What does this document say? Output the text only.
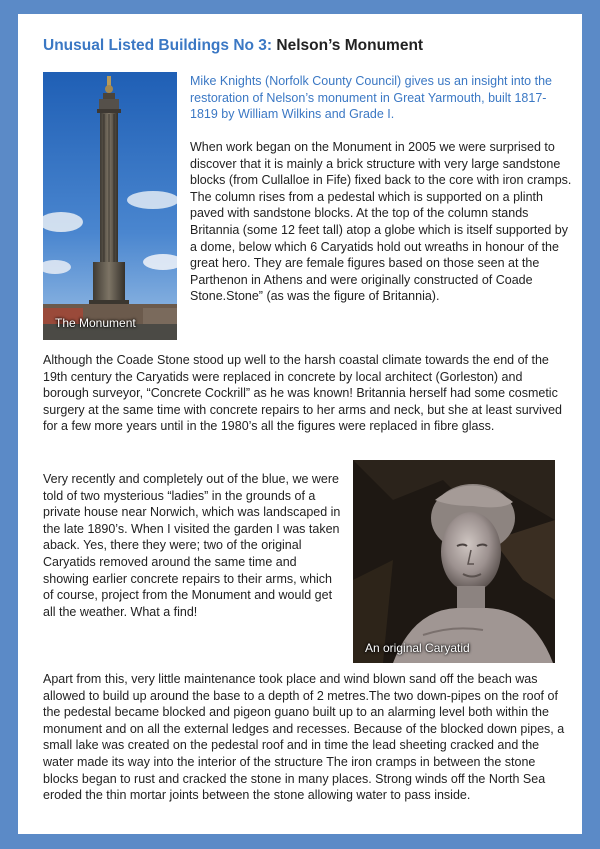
Unusual Listed Buildings No 3: Nelson’s Monument
The Monument

Mike Knights (Norfolk County Council) gives us an insight into the restoration of Nelson’s monument in Great Yarmouth, built 1817-1819 by William Wilkins and Grade I.

When work began on the Monument in 2005 we were surprised to discover that it is mainly a brick structure with very large sandstone blocks (from Cullalloe in Fife) fixed back to the core with iron cramps. The column rises from a pedestal which is supported on a plinth paved with sandstone blocks. At the top of the column stands Britannia (some 12 feet tall) atop a globe which is itself supported by a dome, below which 6 Caryatids hold out wreaths in honour of the great hero. They are female figures based on those seen at the Parthenon in Athens and were originally constructed of Coade Stone.Stone” (as was the figure of Britannia).

Although the Coade Stone stood up well to the harsh coastal climate towards the end of the 19th century the Caryatids were replaced in concrete by local architect (Gorleston) and borough surveyor, “Concrete Cockrill” as he was known! Britannia herself had some cosmetic surgery at the same time with concrete repairs to her arms and neck, but she at least survived for a few more years until in the 1980’s all the figures were replaced in fibre glass.

Very recently and completely out of the blue, we were told of two mysterious “ladies” in the grounds of a private house near Norwich, which was landscaped in the late 1890’s. When I visited the garden I was taken aback. Yes, there they were; two of the original Caryatids removed around the same time and showing earlier concrete repairs to their arms, which of course, project from the Monument and would get all the weather. What a find!

An original Caryatid

Apart from this, very little maintenance took place and wind blown sand off the beach was allowed to build up around the base to a depth of 2 metres.The two down-pipes on the roof of the pedestal became blocked and pigeon guano built up to an alarming level both within the monument and on all the external ledges and recesses. Because of the blocked down pipes, a small lake was created on the pedestal roof and in time the lead sheeting cracked and the water made its way into the interior of the structure The iron cramps in between the stone blocks began to rust and cracked the stone in many places. Strong winds off the North Sea eroded the thin mortar joints between the stone allowing water to pass inside.
